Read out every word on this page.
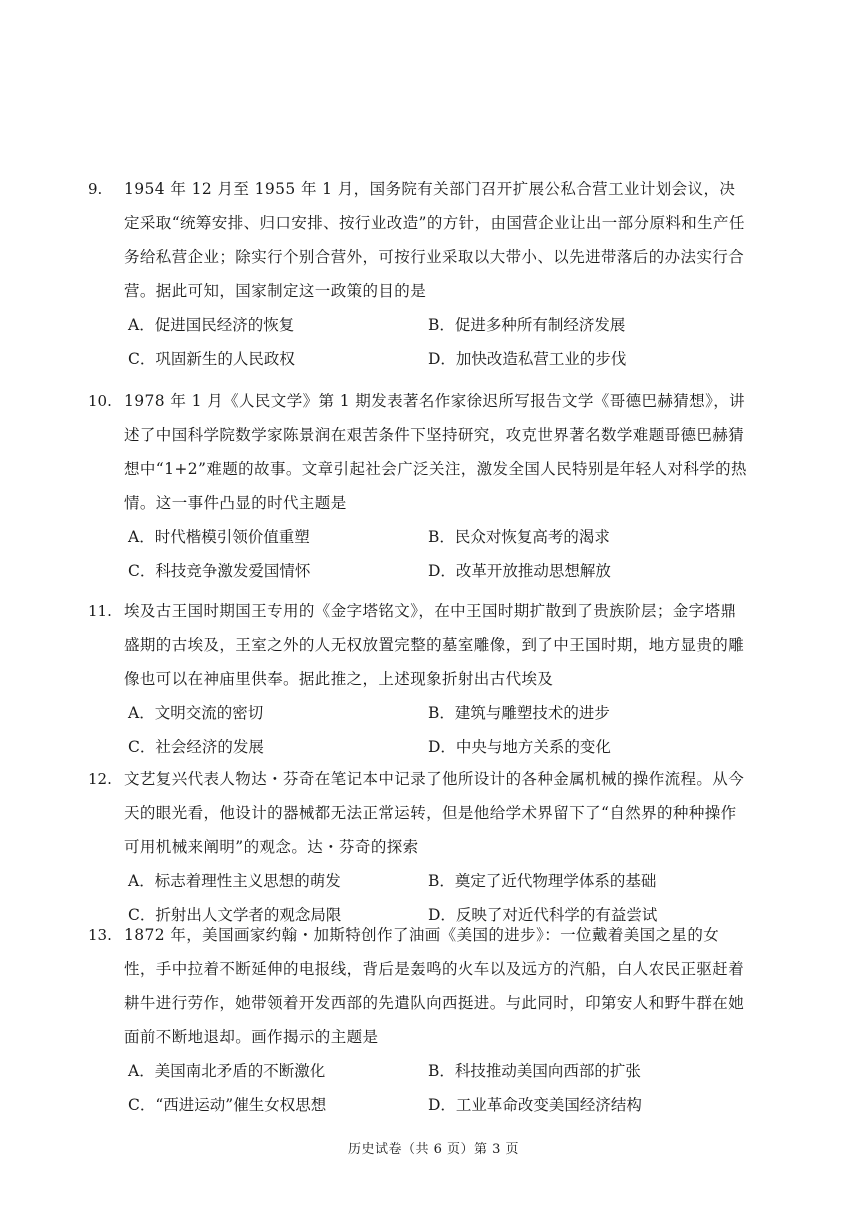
9. 1954 年 12 月至 1955 年 1 月，国务院有关部门召开扩展公私合营工业计划会议，决定采取“统筹安排、归口安排、按行业改造”的方针，由国营企业让出一部分原料和生产任务给私营企业；除实行个别合营外，可按行业采取以大带小、以先进带落后的办法实行合营。据此可知，国家制定这一政策的目的是
A．促进国民经济的恢复	B．促进多种所有制经济发展
C．巩固新生的人民政权	D．加快改造私营工业的步伐
10. 1978 年 1 月《人民文学》第 1 期发表著名作家徐迟所写报告文学《哥德巴赫猜想》，讲述了中国科学院数学家陈景润在艰苦条件下坚持研究，攻克世界著名数学难题哥德巴赫猜想中“1+2”难题的故事。文章引起社会广泛关注，激发全国人民特别是年轻人对科学的热情。这一事件凸显的时代主题是
A．时代楷模引领价值重塑	B．民众对恢复高考的渴求
C．科技竞争激发爱国情怀	D．改革开放推动思想解放
11. 埃及古王国时期国王专用的《金字塔铭文》，在中王国时期扩散到了贵族阶层；金字塔鼎盛期的古埃及，王室之外的人无权放置完整的墓室雕像，到了中王国时期，地方显贵的雕像也可以在神庙里供奉。据此推之，上述现象折射出古代埃及
A．文明交流的密切	B．建筑与雕塑技术的进步
C．社会经济的发展	D．中央与地方关系的变化
12. 文艺复兴代表人物达・芬奇在笔记本中记录了他所设计的各种金属机械的操作流程。从今天的眼光看，他设计的器械都无法正常运转，但是他给学术界留下了“自然界的种种操作可用机械来阐明”的观念。达・芬奇的探索
A．标志着理性主义思想的萌发	B．奠定了近代物理学体系的基础
C．折射出人文学者的观念局限	D．反映了对近代科学的有益尝试
13. 1872 年，美国画家约翰・加斯特创作了油画《美国的进步》：一位戴着美国之星的女性，手中拉着不断延伸的电报线，背后是轰鸣的火车以及远方的汽船，白人农民正驱赶着耕牛进行劳作，她带领着开发西部的先遣队向西挺进。与此同时，印第安人和野牛群在她面前不断地退却。画作揭示的主题是
A．美国南北矛盾的不断激化	B．科技推动美国向西部的扩张
C．“西进运动”催生女权思想	D．工业革命改变美国经济结构
历史试卷（共 6 页）第 3 页
